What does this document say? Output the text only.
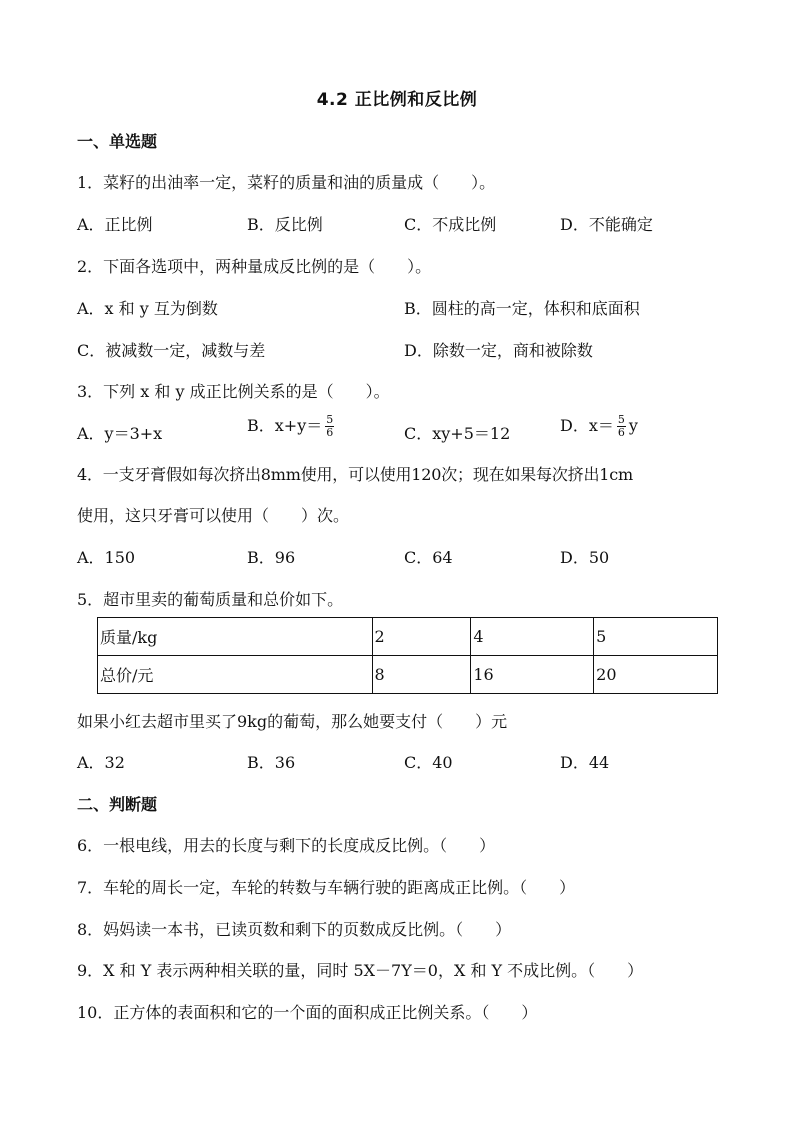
4.2 正比例和反比例
一、单选题
1．菜籽的出油率一定，菜籽的质量和油的质量成（　　）。
A．正比例	B．反比例	C．不成比例	D．不能确定
2．下面各选项中，两种量成反比例的是（　　）。
A．x 和 y 互为倒数	B．圆柱的高一定，体积和底面积
C．被减数一定，减数与差	D．除数一定，商和被除数
3．下列 x 和 y 成正比例关系的是（　　）。
A．y＝3+x	B．$x+y= \frac{5}{6}$	C．xy+5＝12	D．$x= \frac{5}{6}$ y
4．一支牙膏假如每次挤出8mm使用，可以使用120次；现在如果每次挤出1cm
使用，这只牙膏可以使用（　　）次。
A．150	B．96	C．64	D．50
5．超市里卖的葡萄质量和总价如下。
质量/kg	2	4	5
总价/元	8	16	20
如果小红去超市里买了9kg的葡萄，那么她要支付（　　）元
A．32	B．36	C．40	D．44
二、判断题
6．一根电线，用去的长度与剩下的长度成反比例。（　　）
7．车轮的周长一定，车轮的转数与车辆行驶的距离成正比例。（　　）
8．妈妈读一本书，已读页数和剩下的页数成反比例。（　　）
9．X 和 Y 表示两种相关联的量，同时 5X－7Y＝0，X 和 Y 不成比例。（　　）
10．正方体的表面积和它的一个面的面积成正比例关系。（　　）
